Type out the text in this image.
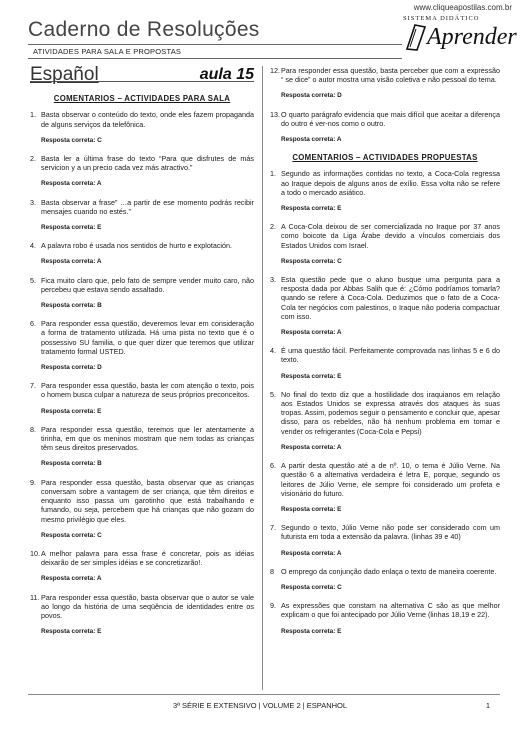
www.cliqueapostilas.com.br
Caderno de Resoluções
ATIVIDADES PARA SALA E PROPOSTAS
SISTEMA DIDÁTICO
Aprender
Español	aula 15
COMENTARIOS – ACTIVIDADES PARA SALA
1. Basta observar o conteúdo do texto, onde eles fazem propaganda de alguns serviços da telefônica.
Resposta correta: C
2. Basta ler a última frase do texto “Para que disfrutes de más servicion y a un precio cada vez más atractivo.”
Resposta correta: A
3. Basta observar a frase” …a partir de ese momento podrás recibir mensajes cuando no estés.”
Resposta correta: E
4. A palavra robo é usada nos sentidos de hurto e explotación.
Resposta correta: A
5. Fica muito claro que, pelo fato de sempre vender muito caro, não percebeu que estava sendo assaltado.
Resposta correta: B
6. Para responder essa questão, deveremos levar em consideração a forma de tratamento utilizada. Há uma pista no texto que é o possessivo SU familia, o que quer dizer que teremos que utilizar tratamento formal USTED.
Resposta correta: D
7. Para responder essa questão, basta ler com atenção o texto, pois o homem busca culpar a natureza de seus próprios preconceitos.
Resposta correta: E
8. Para responder essa questão, teremos que ler atentamente a tirinha, em que os meninos mostram que nem todas as crianças têm seus direitos preservados.
Resposta correta: B
9. Para responder essa questão, basta observar que as crianças conversam sobre a vantagem de ser criança, que têm direitos e enquanto isso passa um garotinho que está trabalhando e fumando, ou seja, percebem que há crianças que não gozam do mesmo privilégio que eles.
Resposta correta: C
10. A melhor palavra para essa frase é concretar, pois as idéias deixarão de ser simples idéias e se concretizarão!.
Resposta correta: A
11. Para responder essa questão, basta observar que o autor se vale ao longo da história de uma seqüência de identidades entre os povos.
Resposta correta: E
12. Para responder essa questão, basta perceber que com a expressão “ se dice” o autor mostra uma visão coletiva e não pessoal do tema.
Resposta correta: D
13. O quarto parágrafo evidencia que mais difícil que aceitar a diferença do outro é ver-nos como o outro.
Resposta correta: A
COMENTARIOS – ACTIVIDADES PROPUESTAS
1. Segundo as informações contidas no texto, a Coca-Cola regressa ao Iraque depois de alguns anos de exílio. Essa volta não se refere a todo o mercado asiático.
Resposta correta: E
2. A Coca-Cola deixou de ser comercializada no Iraque por 37 anos como boicote da Liga Árabe devido a vínculos comerciais dos Estados Unidos com Israel.
Resposta correta: C
3. Esta questão pede que o aluno busque uma pergunta para a resposta dada por Abbas Salih que é: ¿Cómo podríamos tomarla? quando se refere à Coca-Cola. Deduzimos que o fato de a Coca-Cola ter negócios com palestinos, o Iraque não poderia compactuar com isso.
Resposta correta: A
4. É uma questão fácil. Perfeitamente comprovada nas linhas 5 e 6 do texto.
Resposta correta: E
5. No final do texto diz que a hostilidade dos iraquianos em relação aos Estados Unidos se expressa através dos ataques às suas tropas. Assim, podemos seguir o pensamento e concluir que, apesar disso, para os rebeldes, não há nenhum problema em tomar e vender os refrigerantes (Coca-Cola e Pepsi)
Resposta correta: A
6. A partir desta questão até a de nº. 10, o tema é Júlio Verne. Na questão 6 a alternativa verdadeira é letra E, porque, segundo os leitores de Júlio Verne, ele sempre foi considerado um profeta e visionário do futuro.
Resposta correta: E
7. Segundo o texto, Júlio Verne não pode ser considerado com um futurista em toda a extensão da palavra. (linhas 39 e 40)
Resposta correta: A
8 O emprego da conjunção dado enlaça o texto de maneira coerente.
Resposta correta: C
9. As expressões que constam na alternativa C são as que melhor explicam o que foi antecipado por Júlio Verne (linhas 18,19 e 22).
Resposta correta: E
3ª SÉRIE E EXTENSIVO | VOLUME 2 | ESPANHOL	1
